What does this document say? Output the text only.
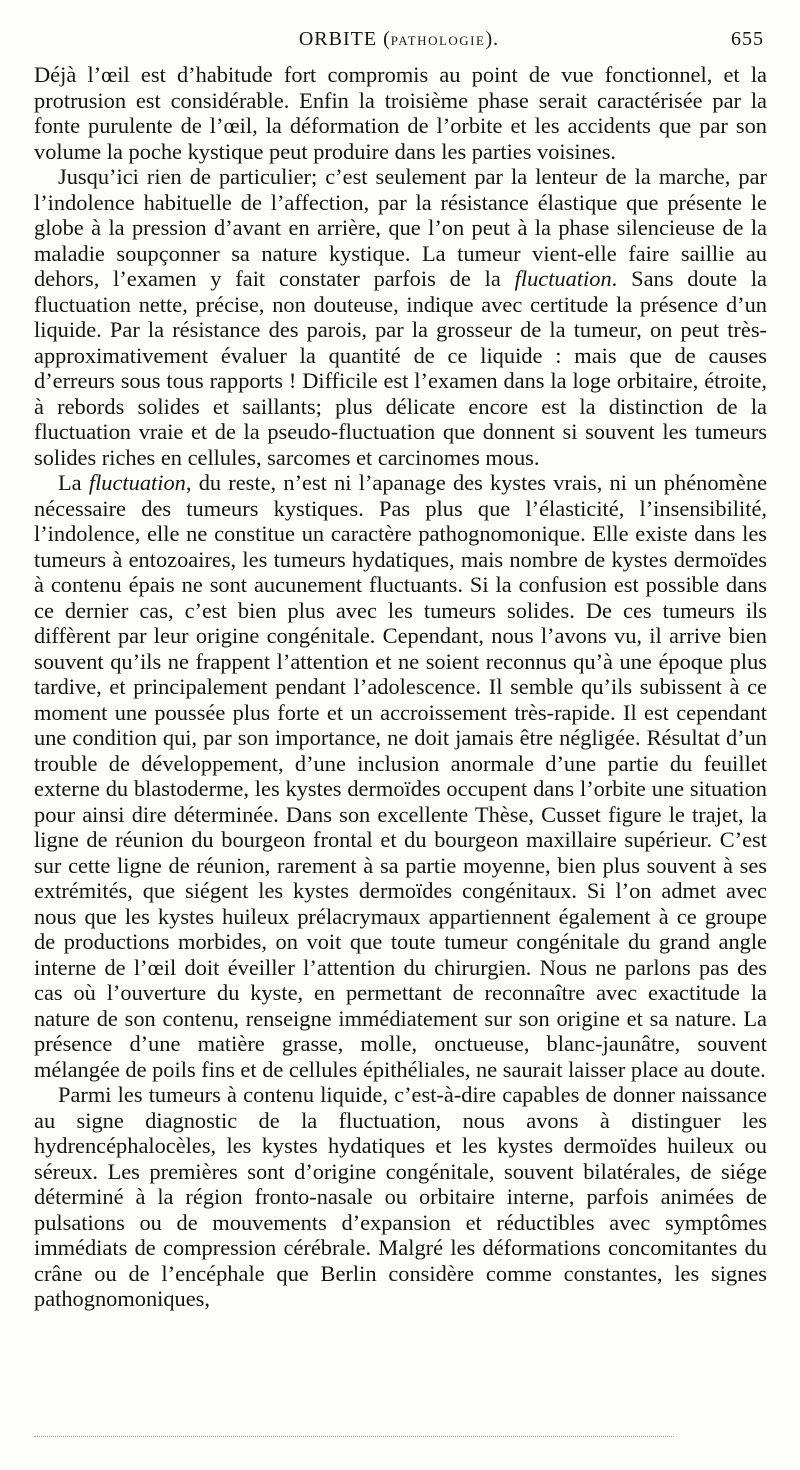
ORBITE (PATHOLOGIE).	655

Déjà l’œil est d’habitude fort compromis au point de vue fonctionnel, et la protrusion est considérable. Enfin la troisième phase serait caractérisée par la fonte purulente de l’œil, la déformation de l’orbite et les accidents que par son volume la poche kystique peut produire dans les parties voisines.

Jusqu’ici rien de particulier; c’est seulement par la lenteur de la marche, par l’indolence habituelle de l’affection, par la résistance élastique que présente le globe à la pression d’avant en arrière, que l’on peut à la phase silencieuse de la maladie soupçonner sa nature kystique. La tumeur vient-elle faire saillie au dehors, l’examen y fait constater parfois de la fluctuation. Sans doute la fluctuation nette, précise, non douteuse, indique avec certitude la présence d’un liquide. Par la résistance des parois, par la grosseur de la tumeur, on peut très-approximativement évaluer la quantité de ce liquide : mais que de causes d’erreurs sous tous rapports ! Difficile est l’examen dans la loge orbitaire, étroite, à rebords solides et saillants; plus délicate encore est la distinction de la fluctuation vraie et de la pseudo-fluctuation que donnent si souvent les tumeurs solides riches en cellules, sarcomes et carcinomes mous.

La fluctuation, du reste, n’est ni l’apanage des kystes vrais, ni un phénomène nécessaire des tumeurs kystiques. Pas plus que l’élasticité, l’insensibilité, l’indolence, elle ne constitue un caractère pathognomonique. Elle existe dans les tumeurs à entozoaires, les tumeurs hydatiques, mais nombre de kystes dermoïdes à contenu épais ne sont aucunement fluctuants. Si la confusion est possible dans ce dernier cas, c’est bien plus avec les tumeurs solides. De ces tumeurs ils diffèrent par leur origine congénitale. Cependant, nous l’avons vu, il arrive bien souvent qu’ils ne frappent l’attention et ne soient reconnus qu’à une époque plus tardive, et principalement pendant l’adolescence. Il semble qu’ils subissent à ce moment une poussée plus forte et un accroissement très-rapide. Il est cependant une condition qui, par son importance, ne doit jamais être négligée. Résultat d’un trouble de développement, d’une inclusion anormale d’une partie du feuillet externe du blastoderme, les kystes dermoïdes occupent dans l’orbite une situation pour ainsi dire déterminée. Dans son excellente Thèse, Cusset figure le trajet, la ligne de réunion du bourgeon frontal et du bourgeon maxillaire supérieur. C’est sur cette ligne de réunion, rarement à sa partie moyenne, bien plus souvent à ses extrémités, que siégent les kystes dermoïdes congénitaux. Si l’on admet avec nous que les kystes huileux prélacrymaux appartiennent également à ce groupe de productions morbides, on voit que toute tumeur congénitale du grand angle interne de l’œil doit éveiller l’attention du chirurgien. Nous ne parlons pas des cas où l’ouverture du kyste, en permettant de reconnaître avec exactitude la nature de son contenu, renseigne immédiatement sur son origine et sa nature. La présence d’une matière grasse, molle, onctueuse, blanc-jaunâtre, souvent mélangée de poils fins et de cellules épithéliales, ne saurait laisser place au doute.

Parmi les tumeurs à contenu liquide, c’est-à-dire capables de donner naissance au signe diagnostic de la fluctuation, nous avons à distinguer les hydrencéphalocèles, les kystes hydatiques et les kystes dermoïdes huileux ou séreux. Les premières sont d’origine congénitale, souvent bilatérales, de siége déterminé à la région fronto-nasale ou orbitaire interne, parfois animées de pulsations ou de mouvements d’expansion et réductibles avec symptômes immédiats de compression cérébrale. Malgré les déformations concomitantes du crâne ou de l’encéphale que Berlin considère comme constantes, les signes pathognomoniques,
